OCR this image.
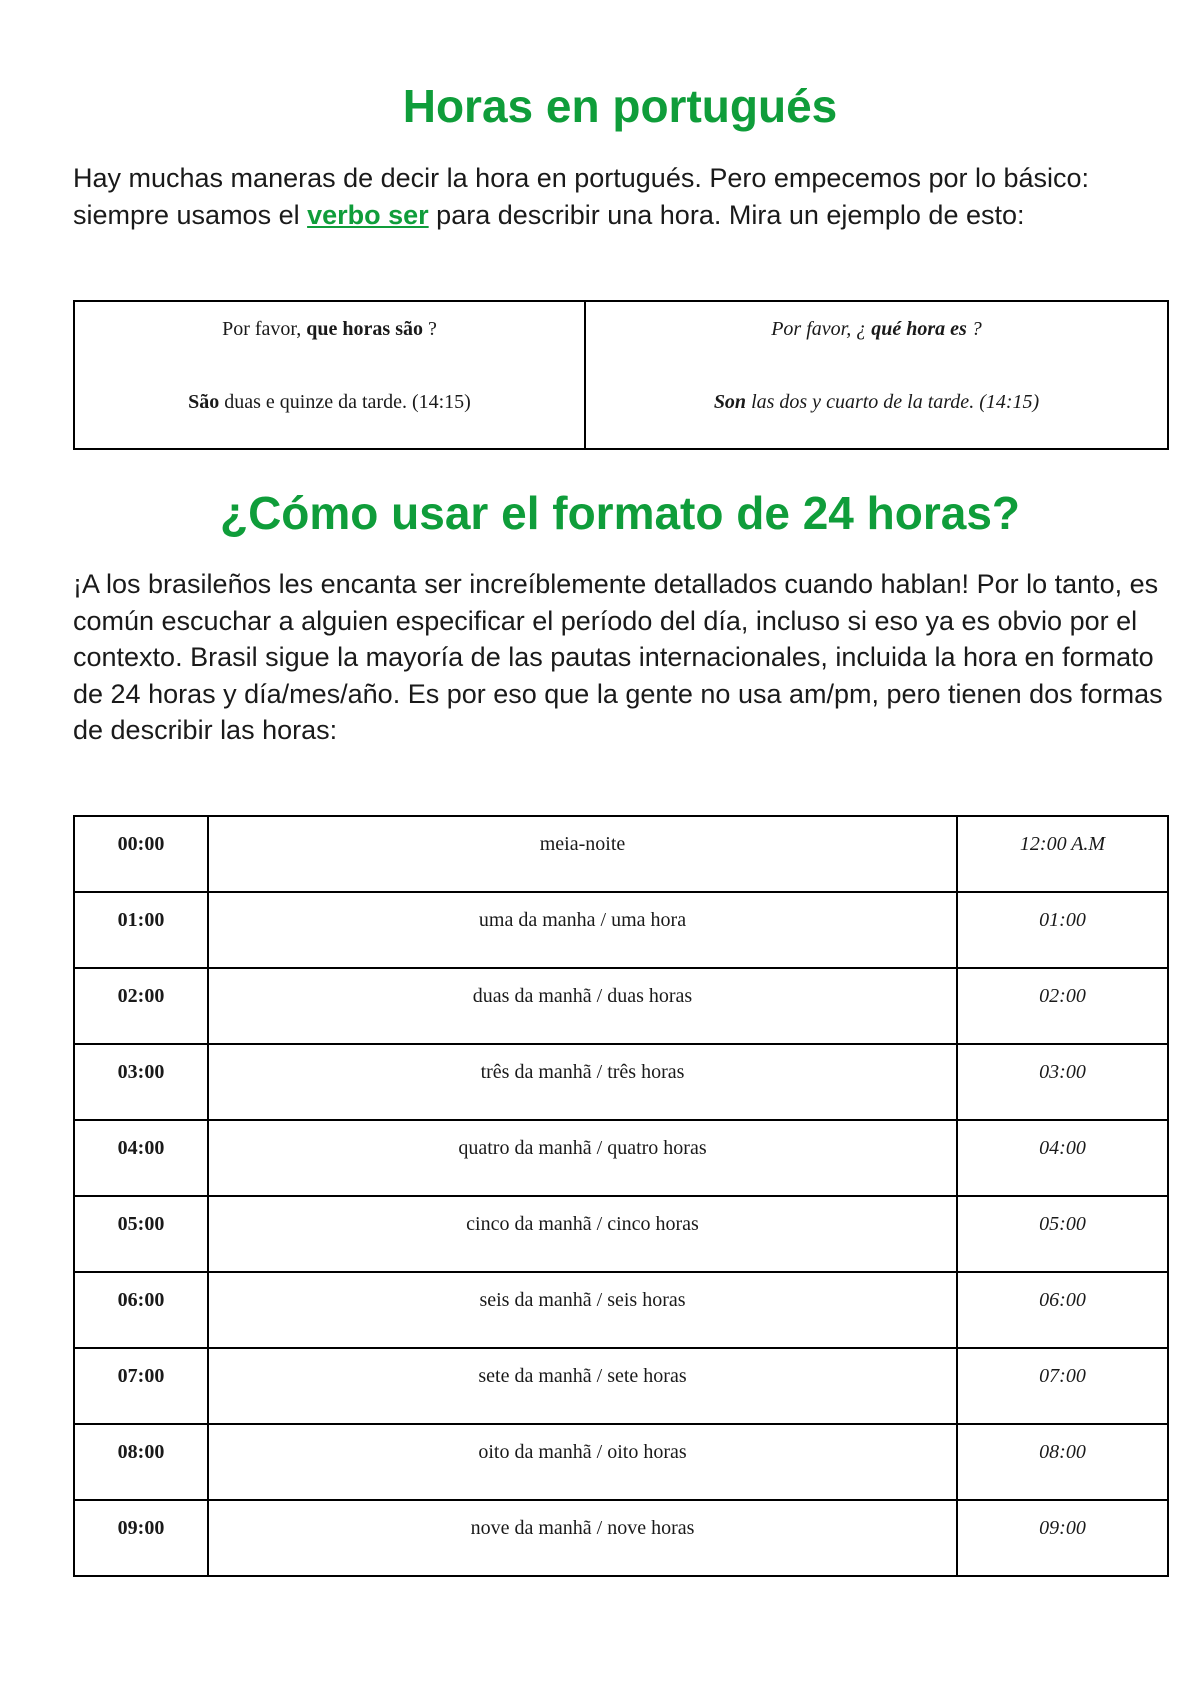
Horas en portugués

Hay muchas maneras de decir la hora en portugués. Pero empecemos por lo básico: siempre usamos el verbo ser para describir una hora. Mira un ejemplo de esto:

Por favor, que horas são ?	Por favor, ¿ qué hora es ?
São duas e quinze da tarde. (14:15)	Son las dos y cuarto de la tarde. (14:15)
¿Cómo usar el formato de 24 horas?

¡A los brasileños les encanta ser increíblemente detallados cuando hablan! Por lo tanto, es común escuchar a alguien especificar el período del día, incluso si eso ya es obvio por el contexto. Brasil sigue la mayoría de las pautas internacionales, incluida la hora en formato de 24 horas y día/mes/año. Es por eso que la gente no usa am/pm, pero tienen dos formas de describir las horas:

00:00	meia-noite	12:00 A.M
01:00	uma da manha / uma hora	01:00
02:00	duas da manhã / duas horas	02:00
03:00	três da manhã / três horas	03:00
04:00	quatro da manhã / quatro horas	04:00
05:00	cinco da manhã / cinco horas	05:00
06:00	seis da manhã / seis horas	06:00
07:00	sete da manhã / sete horas	07:00
08:00	oito da manhã / oito horas	08:00
09:00	nove da manhã / nove horas	09:00
